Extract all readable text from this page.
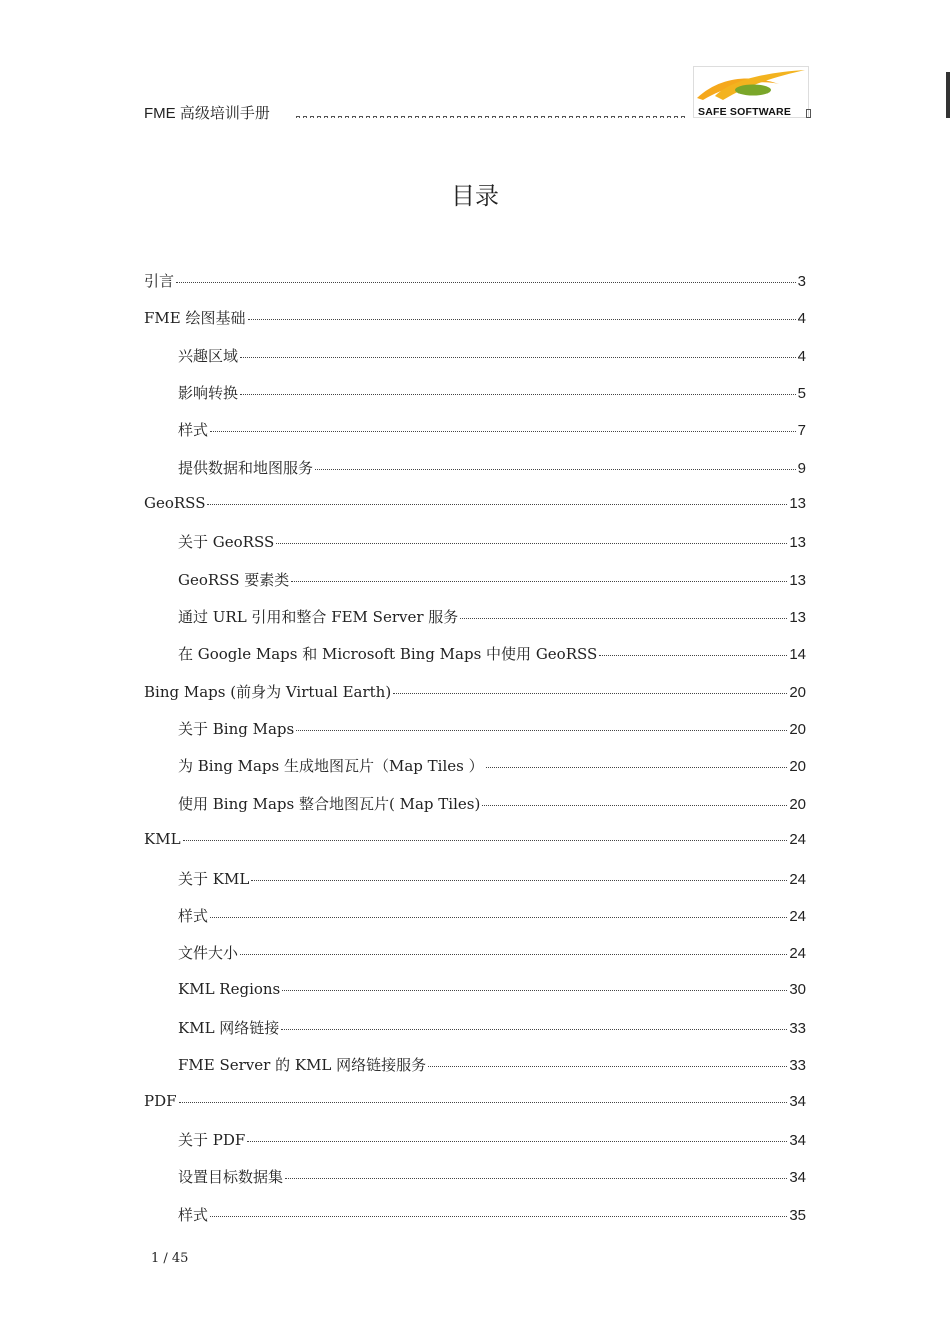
FME 高级培训手册	SAFE SOFTWARE
目录
引言	3
FME 绘图基础	4
兴趣区域	4
影响转换	5
样式	7
提供数据和地图服务	9
GeoRSS	13
关于 GeoRSS	13
GeoRSS 要素类	13
通过 URL 引用和整合 FEM Server 服务	13
在 Google Maps 和 Microsoft Bing Maps 中使用 GeoRSS	14
Bing Maps (前身为 Virtual Earth)	20
关于 Bing Maps	20
为 Bing Maps 生成地图瓦片（Map Tiles ）	20
使用 Bing Maps 整合地图瓦片( Map Tiles)	20
KML	24
关于 KML	24
样式	24
文件大小	24
KML Regions	30
KML 网络链接	33
FME Server 的 KML 网络链接服务	33
PDF	34
关于 PDF	34
设置目标数据集	34
样式	35
1 / 45
